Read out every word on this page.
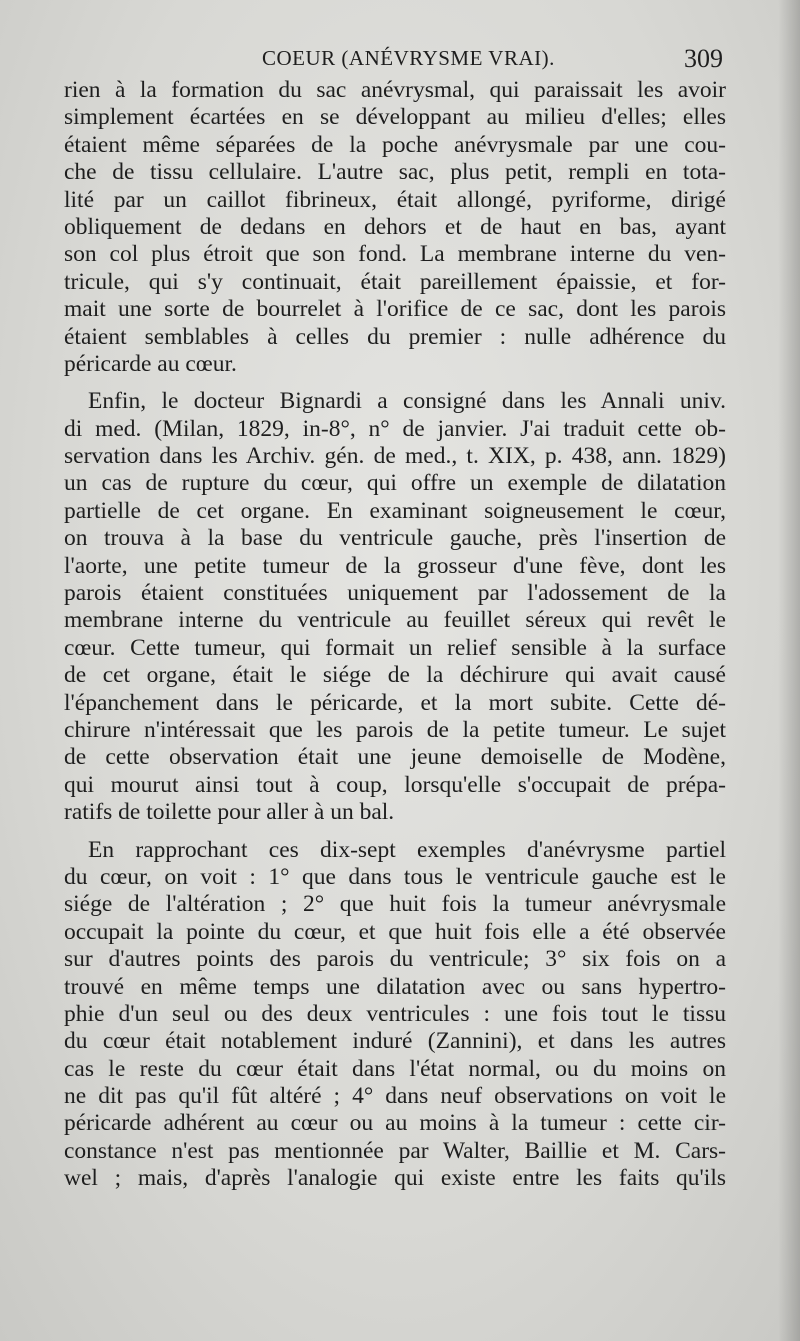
COEUR (ANÉVRYSME VRAI).	309
rien à la formation du sac anévrysmal, qui paraissait les avoir
simplement écartées en se développant au milieu d'elles; elles
étaient même séparées de la poche anévrysmale par une cou-
che de tissu cellulaire. L'autre sac, plus petit, rempli en tota-
lité par un caillot fibrineux, était allongé, pyriforme, dirigé
obliquement de dedans en dehors et de haut en bas, ayant
son col plus étroit que son fond. La membrane interne du ven-
tricule, qui s'y continuait, était pareillement épaissie, et for-
mait une sorte de bourrelet à l'orifice de ce sac, dont les parois
étaient semblables à celles du premier : nulle adhérence du
péricarde au cœur.
Enfin, le docteur Bignardi a consigné dans les Annali univ.
di med. (Milan, 1829, in-8°, n° de janvier. J'ai traduit cette ob-
servation dans les Archiv. gén. de med., t. XIX, p. 438, ann. 1829)
un cas de rupture du cœur, qui offre un exemple de dilatation
partielle de cet organe. En examinant soigneusement le cœur,
on trouva à la base du ventricule gauche, près l'insertion de
l'aorte, une petite tumeur de la grosseur d'une fève, dont les
parois étaient constituées uniquement par l'adossement de la
membrane interne du ventricule au feuillet séreux qui revêt le
cœur. Cette tumeur, qui formait un relief sensible à la surface
de cet organe, était le siége de la déchirure qui avait causé
l'épanchement dans le péricarde, et la mort subite. Cette dé-
chirure n'intéressait que les parois de la petite tumeur. Le sujet
de cette observation était une jeune demoiselle de Modène,
qui mourut ainsi tout à coup, lorsqu'elle s'occupait de prépa-
ratifs de toilette pour aller à un bal.
En rapprochant ces dix-sept exemples d'anévrysme partiel
du cœur, on voit : 1° que dans tous le ventricule gauche est le
siége de l'altération ; 2° que huit fois la tumeur anévrysmale
occupait la pointe du cœur, et que huit fois elle a été observée
sur d'autres points des parois du ventricule; 3° six fois on a
trouvé en même temps une dilatation avec ou sans hypertro-
phie d'un seul ou des deux ventricules : une fois tout le tissu
du cœur était notablement induré (Zannini), et dans les autres
cas le reste du cœur était dans l'état normal, ou du moins on
ne dit pas qu'il fût altéré ; 4° dans neuf observations on voit le
péricarde adhérent au cœur ou au moins à la tumeur : cette cir-
constance n'est pas mentionnée par Walter, Baillie et M. Cars-
wel ; mais, d'après l'analogie qui existe entre les faits qu'ils
